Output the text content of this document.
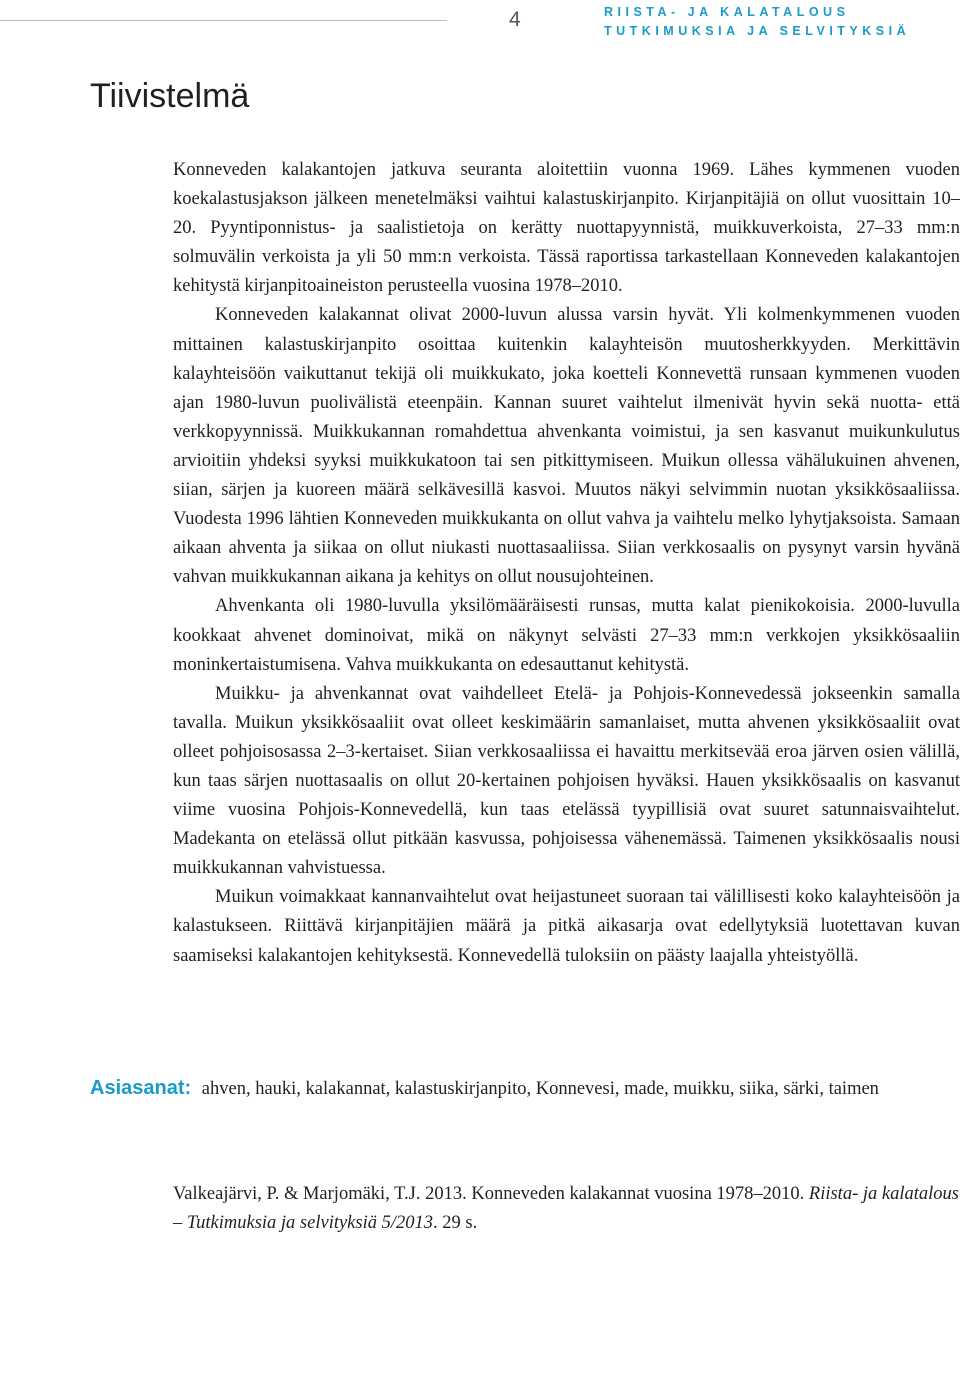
4	RIISTA- JA KALATALOUS
TUTKIMUKSIA JA SELVITYKSIÄ
Tiivistelmä

Konneveden kalakantojen jatkuva seuranta aloitettiin vuonna 1969. Lähes kymmenen vuoden koekalastusjakson jälkeen menetelmäksi vaihtui kalastuskirjanpito. Kirjanpitäjiä on ollut vuosittain 10–20. Pyyntiponnistus- ja saalistietoja on kerätty nuottapyynnistä, muikkuverkoista, 27–33 mm:n solmuvälin verkoista ja yli 50 mm:n verkoista. Tässä raportissa tarkastellaan Konneveden kalakantojen kehitystä kirjanpitoaineiston perusteella vuosina 1978–2010.

Konneveden kalakannat olivat 2000-luvun alussa varsin hyvät. Yli kolmenkymmenen vuoden mittainen kalastuskirjanpito osoittaa kuitenkin kalayhteisön muutosherkkyyden. Merkittävin kalayhteisöön vaikuttanut tekijä oli muikkukato, joka koetteli Konnevettä runsaan kymmenen vuoden ajan 1980-luvun puolivälistä eteenpäin. Kannan suuret vaihtelut ilmenivät hyvin sekä nuotta- että verkkopyynnissä. Muikkukannan romahdettua ahvenkanta voimistui, ja sen kasvanut muikunkulutus arvioitiin yhdeksi syyksi muikkukatoon tai sen pitkittymiseen. Muikun ollessa vähälukuinen ahvenen, siian, särjen ja kuoreen määrä selkävesillä kasvoi. Muutos näkyi selvimmin nuotan yksikkösaaliissa. Vuodesta 1996 lähtien Konneveden muikkukanta on ollut vahva ja vaihtelu melko lyhytjaksoista. Samaan aikaan ahventa ja siikaa on ollut niukasti nuottasaaliissa. Siian verkkosaalis on pysynyt varsin hyvänä vahvan muikkukannan aikana ja kehitys on ollut nousujohteinen.

Ahvenkanta oli 1980-luvulla yksilömääräisesti runsas, mutta kalat pienikokoisia. 2000-luvulla kookkaat ahvenet dominoivat, mikä on näkynyt selvästi 27–33 mm:n verkkojen yksikkösaaliin moninkertaistumisena. Vahva muikkukanta on edesauttanut kehitystä.

Muikku- ja ahvenkannat ovat vaihdelleet Etelä- ja Pohjois-Konnevedessä jokseenkin samalla tavalla. Muikun yksikkösaaliit ovat olleet keskimäärin samanlaiset, mutta ahvenen yksikkösaaliit ovat olleet pohjoisosassa 2–3-kertaiset. Siian verkkosaaliissa ei havaittu merkitsevää eroa järven osien välillä, kun taas särjen nuottasaalis on ollut 20-kertainen pohjoisen hyväksi. Hauen yksikkösaalis on kasvanut viime vuosina Pohjois-Konnevedellä, kun taas etelässä tyypillisiä ovat suuret satunnaisvaihtelut. Madekanta on etelässä ollut pitkään kasvussa, pohjoisessa vähenemässä. Taimenen yksikkösaalis nousi muikkukannan vahvistuessa.

Muikun voimakkaat kannanvaihtelut ovat heijastuneet suoraan tai välillisesti koko kalayhteisöön ja kalastukseen. Riittävä kirjanpitäjien määrä ja pitkä aikasarja ovat edellytyksiä luotettavan kuvan saamiseksi kalakantojen kehityksestä. Konnevedellä tuloksiin on päästy laajalla yhteistyöllä.

Asiasanat: ahven, hauki, kalakannat, kalastuskirjanpito, Konnevesi, made, muikku, siika, särki, taimen
Valkeajärvi, P. & Marjomäki, T.J. 2013. Konneveden kalakannat vuosina 1978–2010. Riista- ja kalatalous – Tutkimuksia ja selvityksiä 5/2013. 29 s.
